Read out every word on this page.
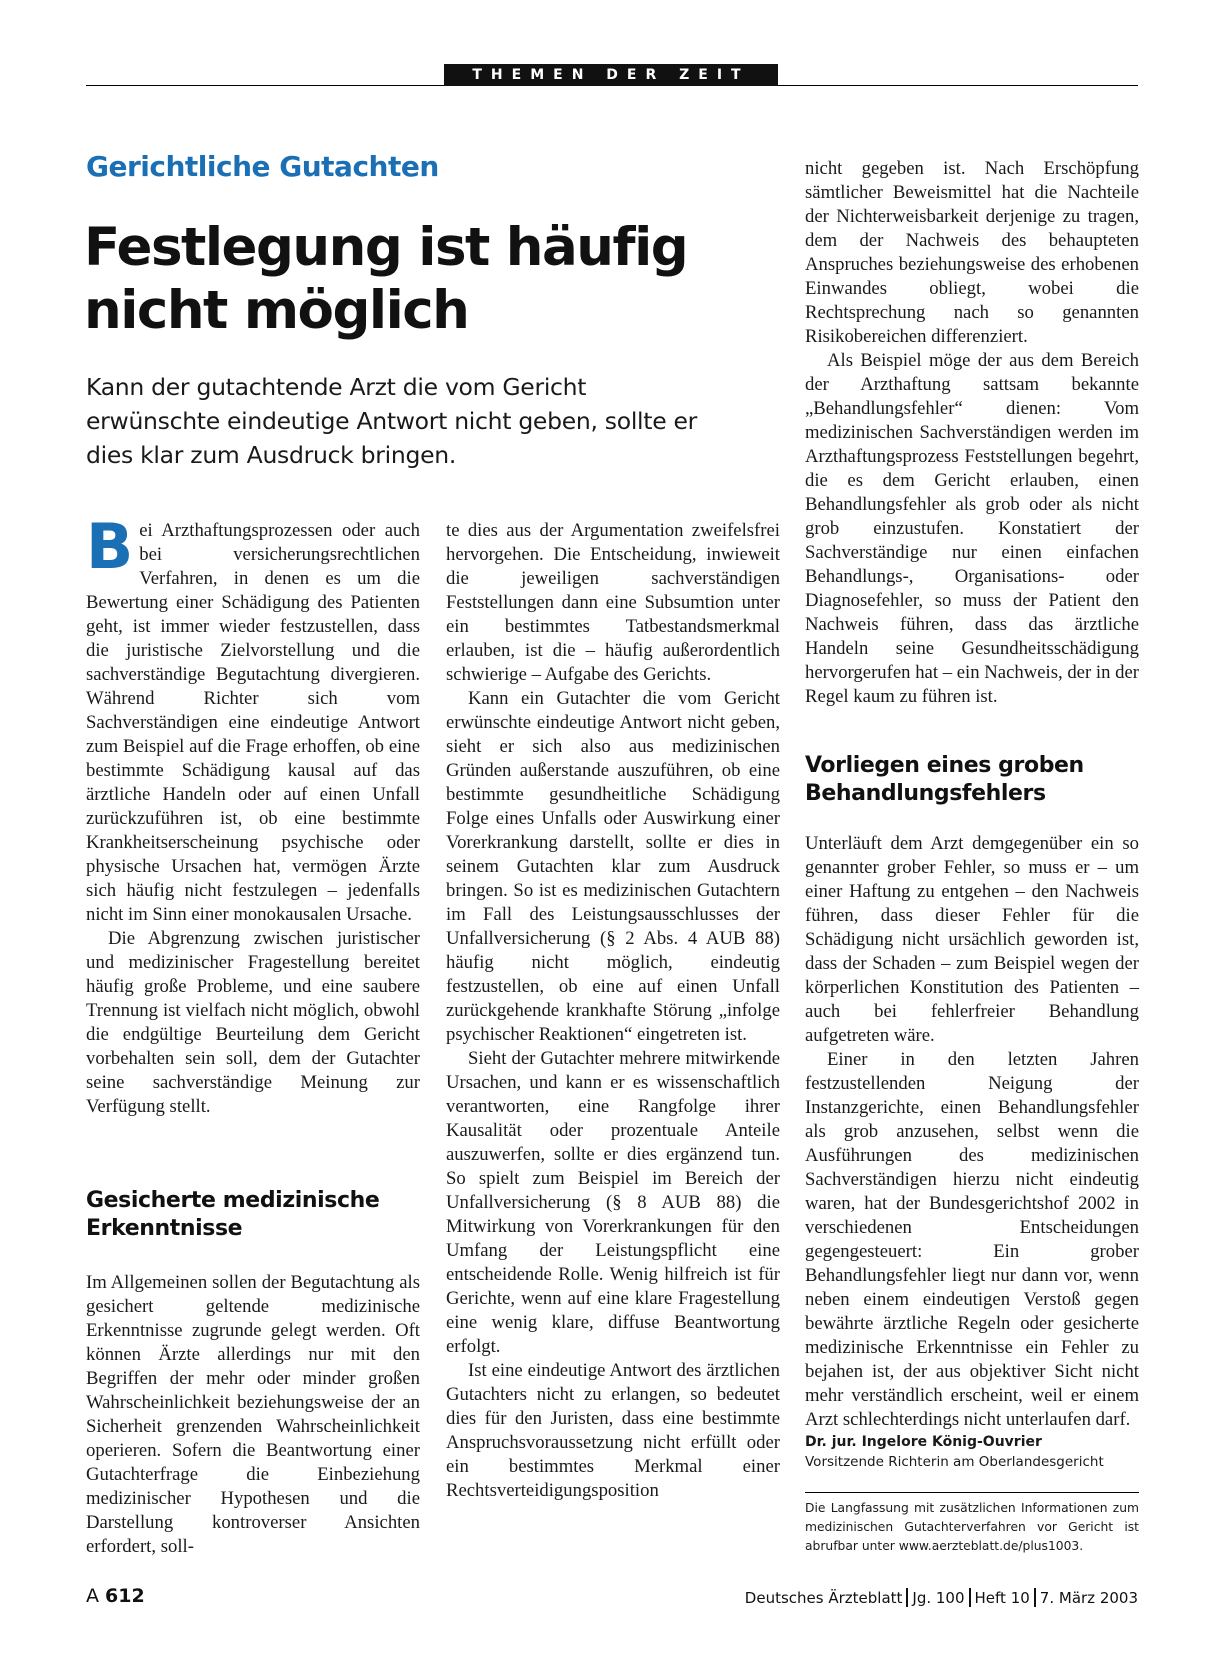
THEMEN DER ZEIT
Gerichtliche Gutachten
Festlegung ist häufig
nicht möglich

Kann der gutachtende Arzt die vom Gericht erwünschte eindeutige Antwort nicht geben, sollte er dies klar zum Ausdruck bringen.

Bei Arzthaftungsprozessen oder auch bei versicherungsrechtlichen Verfahren, in denen es um die Bewertung einer Schädigung des Patienten geht, ist immer wieder festzustellen, dass die juristische Zielvorstellung und die sachverständige Begutachtung divergieren. Während Richter sich vom Sachverständigen eine eindeutige Antwort zum Beispiel auf die Frage erhoffen, ob eine bestimmte Schädigung kausal auf das ärztliche Handeln oder auf einen Unfall zurückzuführen ist, ob eine bestimmte Krankheitserscheinung psychische oder physische Ursachen hat, vermögen Ärzte sich häufig nicht festzulegen – jedenfalls nicht im Sinn einer monokausalen Ursache.

Die Abgrenzung zwischen juristischer und medizinischer Fragestellung bereitet häufig große Probleme, und eine saubere Trennung ist vielfach nicht möglich, obwohl die endgültige Beurteilung dem Gericht vorbehalten sein soll, dem der Gutachter seine sachverständige Meinung zur Verfügung stellt.

Gesicherte medizinische Erkenntnisse

Im Allgemeinen sollen der Begutachtung als gesichert geltende medizinische Erkenntnisse zugrunde gelegt werden. Oft können Ärzte allerdings nur mit den Begriffen der mehr oder minder großen Wahrscheinlichkeit beziehungsweise der an Sicherheit grenzenden Wahrscheinlichkeit operieren. Sofern die Beantwortung einer Gutachterfrage die Einbeziehung medizinischer Hypothesen und die Darstellung kontroverser Ansichten erfordert, soll-

te dies aus der Argumentation zweifelsfrei hervorgehen. Die Entscheidung, inwieweit die jeweiligen sachverständigen Feststellungen dann eine Subsumtion unter ein bestimmtes Tatbestandsmerkmal erlauben, ist die – häufig außerordentlich schwierige – Aufgabe des Gerichts.

Kann ein Gutachter die vom Gericht erwünschte eindeutige Antwort nicht geben, sieht er sich also aus medizinischen Gründen außerstande auszuführen, ob eine bestimmte gesundheitliche Schädigung Folge eines Unfalls oder Auswirkung einer Vorerkrankung darstellt, sollte er dies in seinem Gutachten klar zum Ausdruck bringen. So ist es medizinischen Gutachtern im Fall des Leistungsausschlusses der Unfallversicherung (§ 2 Abs. 4 AUB 88) häufig nicht möglich, eindeutig festzustellen, ob eine auf einen Unfall zurückgehende krankhafte Störung „infolge psychischer Reaktionen“ eingetreten ist.

Sieht der Gutachter mehrere mitwirkende Ursachen, und kann er es wissenschaftlich verantworten, eine Rangfolge ihrer Kausalität oder prozentuale Anteile auszuwerfen, sollte er dies ergänzend tun. So spielt zum Beispiel im Bereich der Unfallversicherung (§ 8 AUB 88) die Mitwirkung von Vorerkrankungen für den Umfang der Leistungspflicht eine entscheidende Rolle. Wenig hilfreich ist für Gerichte, wenn auf eine klare Fragestellung eine wenig klare, diffuse Beantwortung erfolgt.

Ist eine eindeutige Antwort des ärztlichen Gutachters nicht zu erlangen, so bedeutet dies für den Juristen, dass eine bestimmte Anspruchsvoraussetzung nicht erfüllt oder ein bestimmtes Merkmal einer Rechtsverteidigungsposition

nicht gegeben ist. Nach Erschöpfung sämtlicher Beweismittel hat die Nachteile der Nichterweisbarkeit derjenige zu tragen, dem der Nachweis des behaupteten Anspruches beziehungsweise des erhobenen Einwandes obliegt, wobei die Rechtsprechung nach so genannten Risikobereichen differenziert.

Als Beispiel möge der aus dem Bereich der Arzthaftung sattsam bekannte „Behandlungsfehler“ dienen: Vom medizinischen Sachverständigen werden im Arzthaftungsprozess Feststellungen begehrt, die es dem Gericht erlauben, einen Behandlungsfehler als grob oder als nicht grob einzustufen. Konstatiert der Sachverständige nur einen einfachen Behandlungs-, Organisations- oder Diagnosefehler, so muss der Patient den Nachweis führen, dass das ärztliche Handeln seine Gesundheitsschädigung hervorgerufen hat – ein Nachweis, der in der Regel kaum zu führen ist.

Vorliegen eines groben Behandlungsfehlers

Unterläuft dem Arzt demgegenüber ein so genannter grober Fehler, so muss er – um einer Haftung zu entgehen – den Nachweis führen, dass dieser Fehler für die Schädigung nicht ursächlich geworden ist, dass der Schaden – zum Beispiel wegen der körperlichen Konstitution des Patienten – auch bei fehlerfreier Behandlung aufgetreten wäre.

Einer in den letzten Jahren festzustellenden Neigung der Instanzgerichte, einen Behandlungsfehler als grob anzusehen, selbst wenn die Ausführungen des medizinischen Sachverständigen hierzu nicht eindeutig waren, hat der Bundesgerichtshof 2002 in verschiedenen Entscheidungen gegengesteuert: Ein grober Behandlungsfehler liegt nur dann vor, wenn neben einem eindeutigen Verstoß gegen bewährte ärztliche Regeln oder gesicherte medizinische Erkenntnisse ein Fehler zu bejahen ist, der aus objektiver Sicht nicht mehr verständlich erscheint, weil er einem Arzt schlechterdings nicht unterlaufen darf.

Dr. jur. Ingelore König-Ouvrier
Vorsitzende Richterin am Oberlandesgericht
Die Langfassung mit zusätzlichen Informationen zum medizinischen Gutachterverfahren vor Gericht ist abrufbar unter www.aerzteblatt.de/plus1003.
A 612	Deutsches Ärzteblatt Jg. 100 Heft 10 7. März 2003
